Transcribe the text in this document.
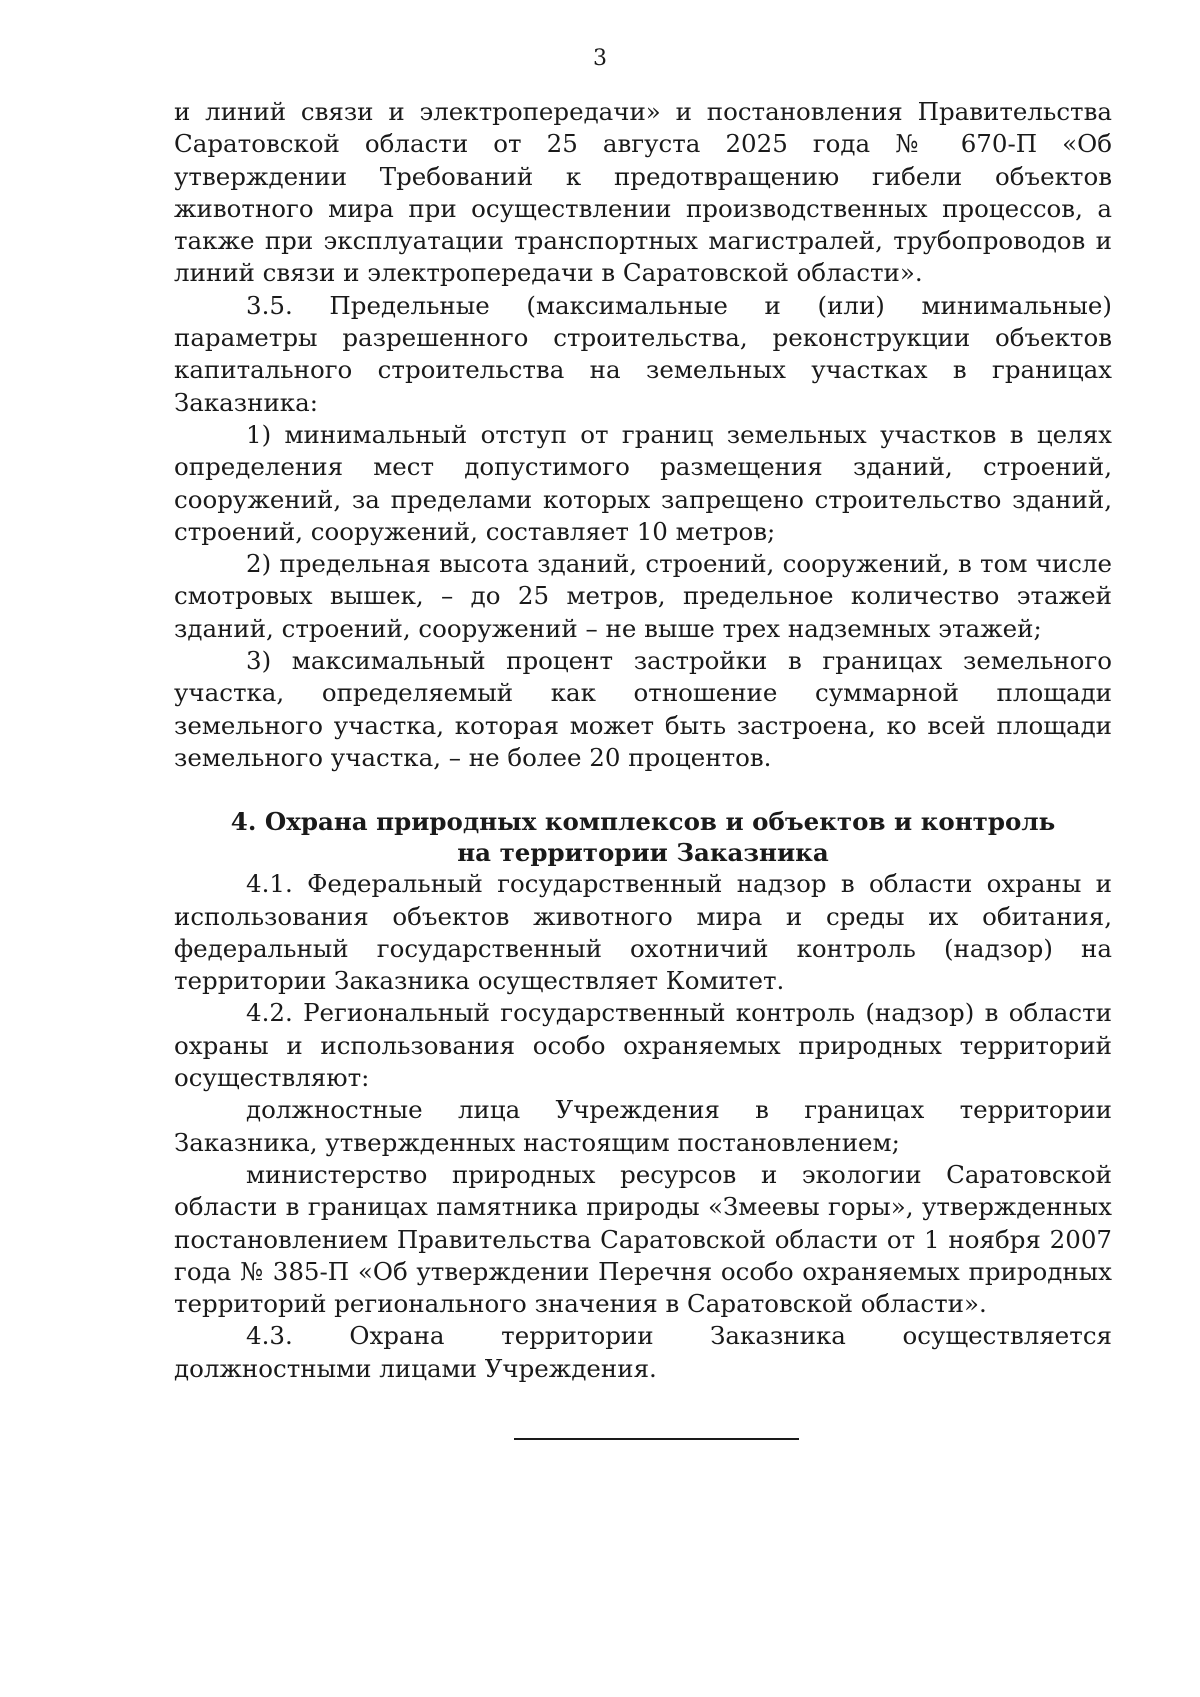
3

и линий связи и электропередачи» и постановления Правительства Саратовской области от 25 августа 2025 года № 670-П «Об утверждении Требований к предотвращению гибели объектов животного мира при осуществлении производственных процессов, а также при эксплуатации транспортных магистралей, трубопроводов и линий связи и электропередачи в Саратовской области».

3.5. Предельные (максимальные и (или) минимальные) параметры разрешенного строительства, реконструкции объектов капитального строительства на земельных участках в границах Заказника:

1) минимальный отступ от границ земельных участков в целях определения мест допустимого размещения зданий, строений, сооружений, за пределами которых запрещено строительство зданий, строений, сооружений, составляет 10 метров;

2) предельная высота зданий, строений, сооружений, в том числе смотровых вышек, – до 25 метров, предельное количество этажей зданий, строений, сооружений – не выше трех надземных этажей;

3) максимальный процент застройки в границах земельного участка, определяемый как отношение суммарной площади земельного участка, которая может быть застроена, ко всей площади земельного участка, – не более 20 процентов.

4. Охрана природных комплексов и объектов и контроль
на территории Заказника

4.1. Федеральный государственный надзор в области охраны и использования объектов животного мира и среды их обитания, федеральный государственный охотничий контроль (надзор) на территории Заказника осуществляет Комитет.

4.2. Региональный государственный контроль (надзор) в области охраны и использования особо охраняемых природных территорий осуществляют:

должностные лица Учреждения в границах территории Заказника, утвержденных настоящим постановлением;

министерство природных ресурсов и экологии Саратовской области в границах памятника природы «Змеевы горы», утвержденных постановлением Правительства Саратовской области от 1 ноября 2007 года № 385-П «Об утверждении Перечня особо охраняемых природных территорий регионального значения в Саратовской области».

4.3. Охрана территории Заказника осуществляется должностными лицами Учреждения.
